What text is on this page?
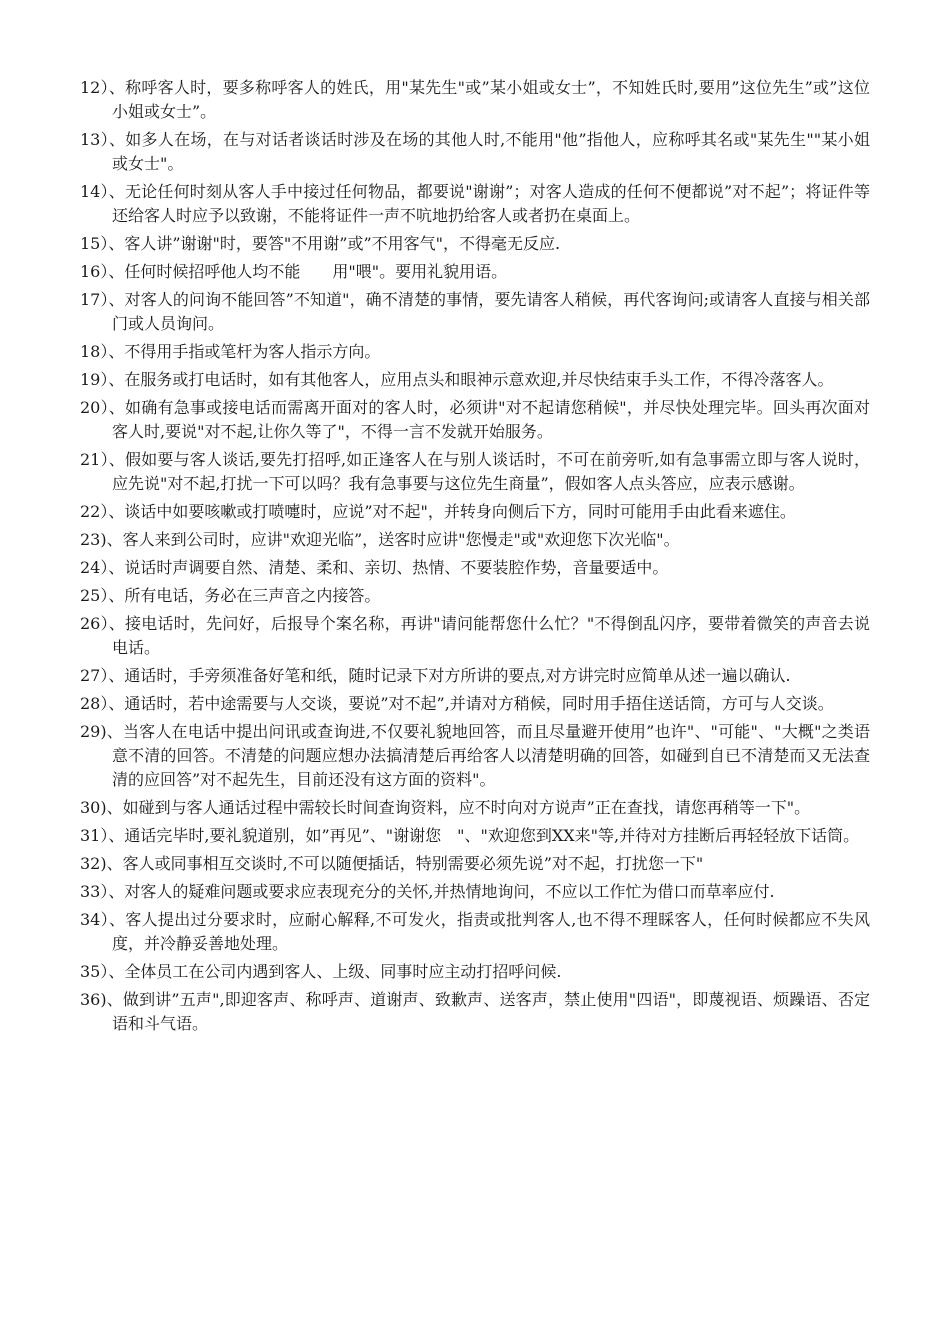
12）、称呼客人时，要多称呼客人的姓氏，用"某先生"或”某小姐或女士”，不知姓氏时,要用”这位先生”或”这位小姐或女士”。

13）、如多人在场，在与对话者谈话时涉及在场的其他人时,不能用"他”指他人，应称呼其名或"某先生""某小姐或女士"。

14）、无论任何时刻从客人手中接过任何物品，都要说"谢谢”；对客人造成的任何不便都说”对不起”；将证件等还给客人时应予以致谢，不能将证件一声不吭地扔给客人或者扔在桌面上。

15）、客人讲”谢谢"时，要答"不用谢”或”不用客气"，不得毫无反应.

16）、任何时候招呼他人均不能　　用"喂"。要用礼貌用语。

17）、对客人的问询不能回答”不知道"，确不清楚的事情，要先请客人稍候，再代客询问;或请客人直接与相关部门或人员询问。

18）、不得用手指或笔杆为客人指示方向。

19）、在服务或打电话时，如有其他客人，应用点头和眼神示意欢迎,并尽快结束手头工作，不得冷落客人。

20）、如确有急事或接电话而需离开面对的客人时，必须讲"对不起请您稍候"，并尽快处理完毕。回头再次面对客人时,要说"对不起,让你久等了"，不得一言不发就开始服务。

21）、假如要与客人谈话,要先打招呼,如正逢客人在与别人谈话时，不可在前旁听,如有急事需立即与客人说时，应先说"对不起,打扰一下可以吗？我有急事要与这位先生商量”，假如客人点头答应，应表示感谢。

22）、谈话中如要咳嗽或打喷嚏时，应说”对不起"，并转身向侧后下方，同时可能用手由此看来遮住。

23)、客人来到公司时，应讲"欢迎光临”，送客时应讲"您慢走"或"欢迎您下次光临"。

24）、说话时声调要自然、清楚、柔和、亲切、热情、不要装腔作势，音量要适中。

25）、所有电话，务必在三声音之内接答。

26）、接电话时，先问好，后报导个案名称，再讲"请问能帮您什么忙？"不得倒乱闪序，要带着微笑的声音去说电话。

27）、通话时，手旁须准备好笔和纸，随时记录下对方所讲的要点,对方讲完时应简单从述一遍以确认.

28）、通话时，若中途需要与人交谈，要说”对不起”,并请对方稍候，同时用手捂住送话筒，方可与人交谈。

29)、当客人在电话中提出问讯或查询进,不仅要礼貌地回答，而且尽量避开使用”也许"、"可能"、"大概"之类语意不清的回答。不清楚的问题应想办法搞清楚后再给客人以清楚明确的回答，如碰到自已不清楚而又无法查清的应回答”对不起先生，目前还没有这方面的资料"。

30)、如碰到与客人通话过程中需较长时间查询资料，应不时向对方说声”正在查找，请您再稍等一下"。

31）、通话完毕时,要礼貌道别，如”再见”、"谢谢您　"、"欢迎您到XX来"等,并待对方挂断后再轻轻放下话筒。

32)、客人或同事相互交谈时,不可以随便插话，特别需要必须先说”对不起，打扰您一下"

33）、对客人的疑难问题或要求应表现充分的关怀,并热情地询问，不应以工作忙为借口而草率应付.

34）、客人提出过分要求时，应耐心解释,不可发火，指责或批判客人,也不得不理睬客人，任何时候都应不失风度，并冷静妥善地处理。

35）、全体员工在公司内遇到客人、上级、同事时应主动打招呼问候.

36)、做到讲”五声",即迎客声、称呼声、道谢声、致歉声、送客声，禁止使用"四语"，即蔑视语、烦躁语、否定语和斗气语。
